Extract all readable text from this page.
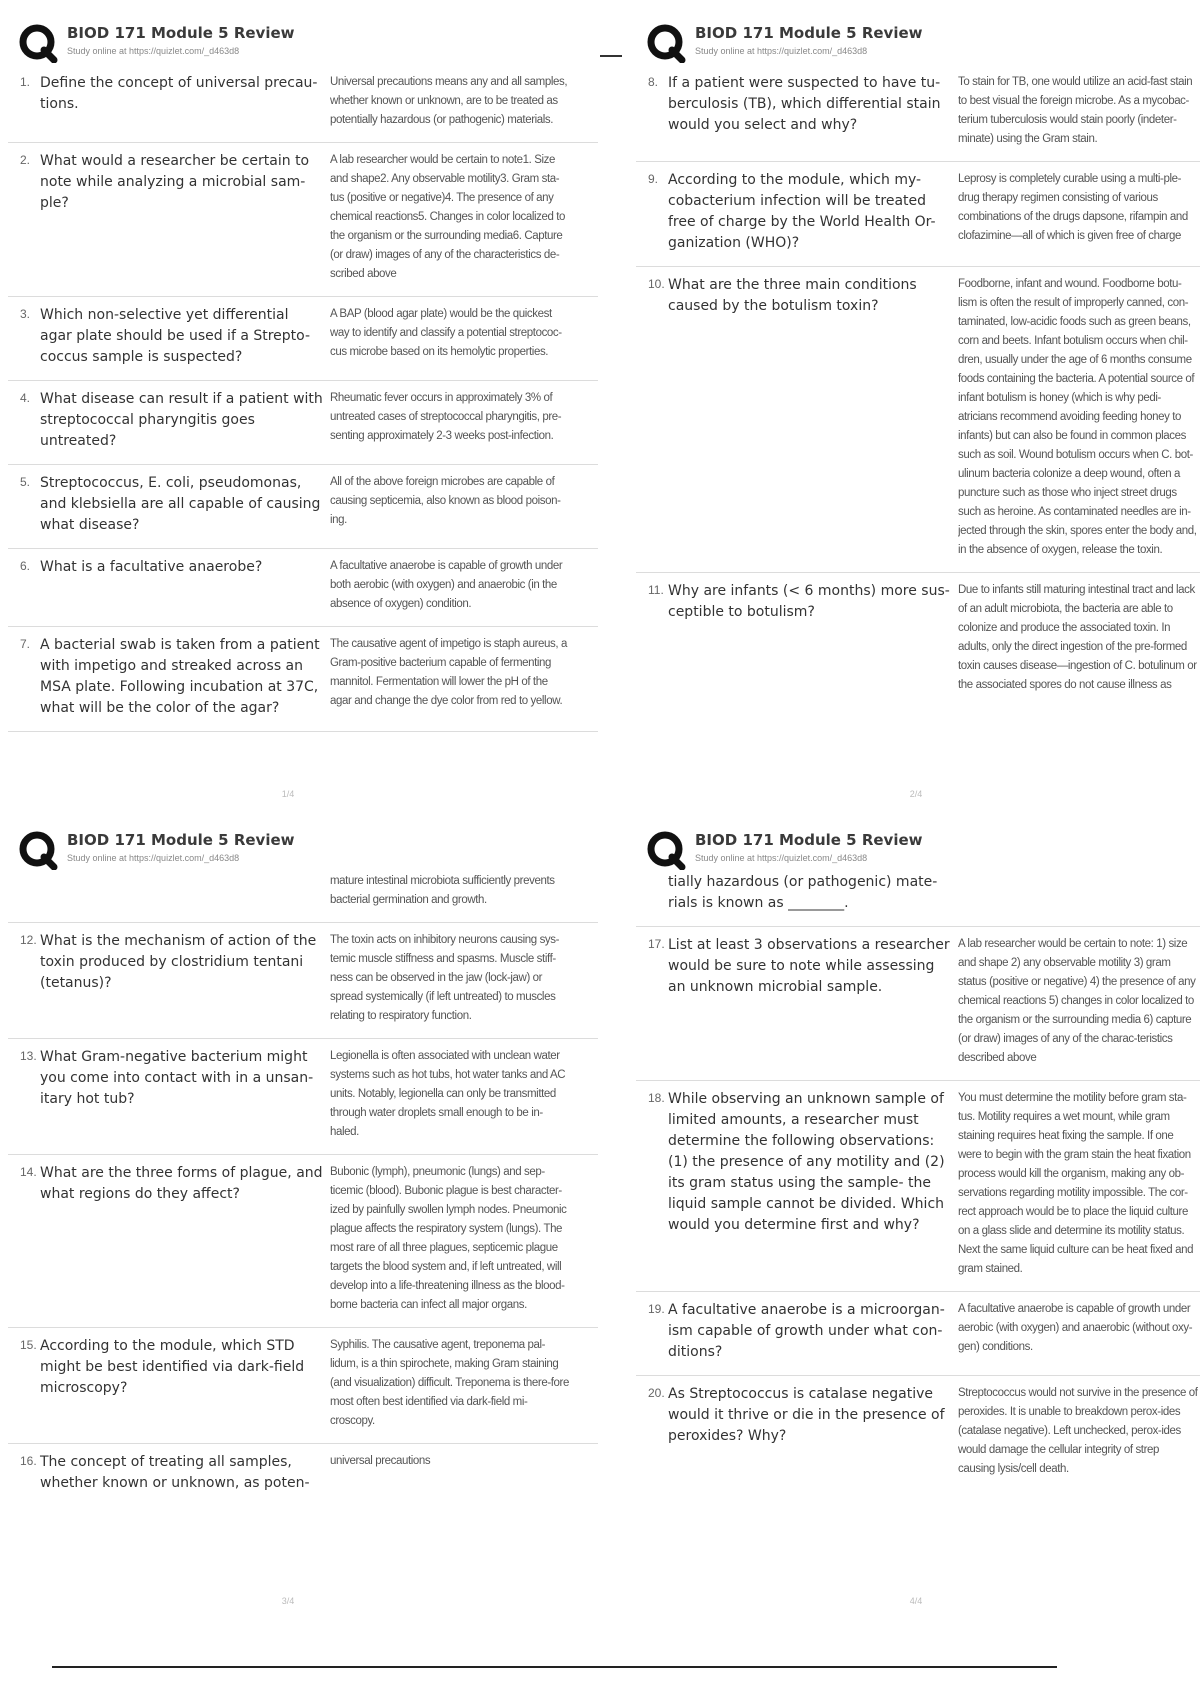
BIOD 171 Module 5 Review
Study online at https://quizlet.com/_d463d8
1. Define the concept of universal precau-tions.
Universal precautions means any and all samples, whether known or unknown, are to be treated as potentially hazardous (or pathogenic) materials.
2. What would a researcher be certain to note while analyzing a microbial sam-ple?
A lab researcher would be certain to note1. Size and shape2. Any observable motility3. Gram sta-tus (positive or negative)4. The presence of any chemical reactions5. Changes in color localized to the organism or the surrounding media6. Capture (or draw) images of any of the characteristics de-scribed above
3. Which non-selective yet differential agar plate should be used if a Strepto-coccus sample is suspected?
A BAP (blood agar plate) would be the quickest way to identify and classify a potential streptococ-cus microbe based on its hemolytic properties.
4. What disease can result if a patient with streptococcal pharyngitis goes untreated?
Rheumatic fever occurs in approximately 3% of untreated cases of streptococcal pharyngitis, pre-senting approximately 2-3 weeks post-infection.
5. Streptococcus, E. coli, pseudomonas, and klebsiella are all capable of causing what disease?
All of the above foreign microbes are capable of causing septicemia, also known as blood poison-ing.
6. What is a facultative anaerobe?	A facultative anaerobe is capable of growth under both aerobic (with oxygen) and anaerobic (in the absence of oxygen) condition.
7. A bacterial swab is taken from a patient with impetigo and streaked across an MSA plate. Following incubation at 37C, what will be the color of the agar?
The causative agent of impetigo is staph aureus, a Gram-positive bacterium capable of fermenting mannitol. Fermentation will lower the pH of the agar and change the dye color from red to yellow.
1/4
BIOD 171 Module 5 Review
Study online at https://quizlet.com/_d463d8
8. If a patient were suspected to have tu-berculosis (TB), which differential stain would you select and why?
To stain for TB, one would utilize an acid-fast stain to best visual the foreign microbe. As a mycobac-terium tuberculosis would stain poorly (indeter-minate) using the Gram stain.
9. According to the module, which my-cobacterium infection will be treated free of charge by the World Health Or-ganization (WHO)?
Leprosy is completely curable using a multi-ple-drug therapy regimen consisting of various combinations of the drugs dapsone, rifampin and clofazimine—all of which is given free of charge
10. What are the three main conditions caused by the botulism toxin?
Foodborne, infant and wound. Foodborne botu-lism is often the result of improperly canned, con-taminated, low-acidic foods such as green beans, corn and beets. Infant botulism occurs when chil-dren, usually under the age of 6 months consume foods containing the bacteria. A potential source of infant botulism is honey (which is why pedi-atricians recommend avoiding feeding honey to infants) but can also be found in common places such as soil. Wound botulism occurs when C. bot-ulinum bacteria colonize a deep wound, often a puncture such as those who inject street drugs such as heroine. As contaminated needles are in-jected through the skin, spores enter the body and, in the absence of oxygen, release the toxin.
11. Why are infants (< 6 months) more sus-ceptible to botulism?
Due to infants still maturing intestinal tract and lack of an adult microbiota, the bacteria are able to colonize and produce the associated toxin. In adults, only the direct ingestion of the pre-formed toxin causes disease—ingestion of C. botulinum or the associated spores do not cause illness as
2/4
BIOD 171 Module 5 Review
Study online at https://quizlet.com/_d463d8
mature intestinal microbiota sufficiently prevents bacterial germination and growth.
12. What is the mechanism of action of the toxin produced by clostridium tentani (tetanus)?
The toxin acts on inhibitory neurons causing sys-temic muscle stiffness and spasms. Muscle stiff-ness can be observed in the jaw (lock-jaw) or spread systemically (if left untreated) to muscles relating to respiratory function.
13. What Gram-negative bacterium might you come into contact with in a unsan-itary hot tub?
Legionella is often associated with unclean water systems such as hot tubs, hot water tanks and AC units. Notably, legionella can only be transmitted through water droplets small enough to be in-haled.
14. What are the three forms of plague, and what regions do they affect?
Bubonic (lymph), pneumonic (lungs) and sep-ticemic (blood). Bubonic plague is best character-ized by painfully swollen lymph nodes. Pneumonic plague affects the respiratory system (lungs). The most rare of all three plagues, septicemic plague targets the blood system and, if left untreated, will develop into a life-threatening illness as the blood-borne bacteria can infect all major organs.
15. According to the module, which STD might be best identified via dark-field microscopy?
Syphilis. The causative agent, treponema pal-lidum, is a thin spirochete, making Gram staining (and visualization) difficult. Treponema is there-fore most often best identified via dark-field mi-croscopy.
16. The concept of treating all samples, whether known or unknown, as poten-
universal precautions
3/4
BIOD 171 Module 5 Review
Study online at https://quizlet.com/_d463d8
tially hazardous (or pathogenic) mate-rials is known as ________.
17. List at least 3 observations a researcher would be sure to note while assessing an unknown microbial sample.
A lab researcher would be certain to note: 1) size and shape 2) any observable motility 3) gram status (positive or negative) 4) the presence of any chemical reactions 5) changes in color localized to the organism or the surrounding media 6) capture (or draw) images of any of the charac-teristics described above
18. While observing an unknown sample of limited amounts, a researcher must determine the following observations: (1) the presence of any motility and (2) its gram status using the sample- the liquid sample cannot be divided. Which would you determine first and why?
You must determine the motility before gram sta-tus. Motility requires a wet mount, while gram staining requires heat fixing the sample. If one were to begin with the gram stain the heat fixation process would kill the organism, making any ob-servations regarding motility impossible. The cor-rect approach would be to place the liquid culture on a glass slide and determine its motility status. Next the same liquid culture can be heat fixed and gram stained.
19. A facultative anaerobe is a microorgan-ism capable of growth under what con-ditions?
A facultative anaerobe is capable of growth under aerobic (with oxygen) and anaerobic (without oxy-gen) conditions.
20. As Streptococcus is catalase negative would it thrive or die in the presence of peroxides? Why?
Streptococcus would not survive in the presence of peroxides. It is unable to breakdown perox-ides (catalase negative). Left unchecked, perox-ides would damage the cellular integrity of strep causing lysis/cell death.
4/4
